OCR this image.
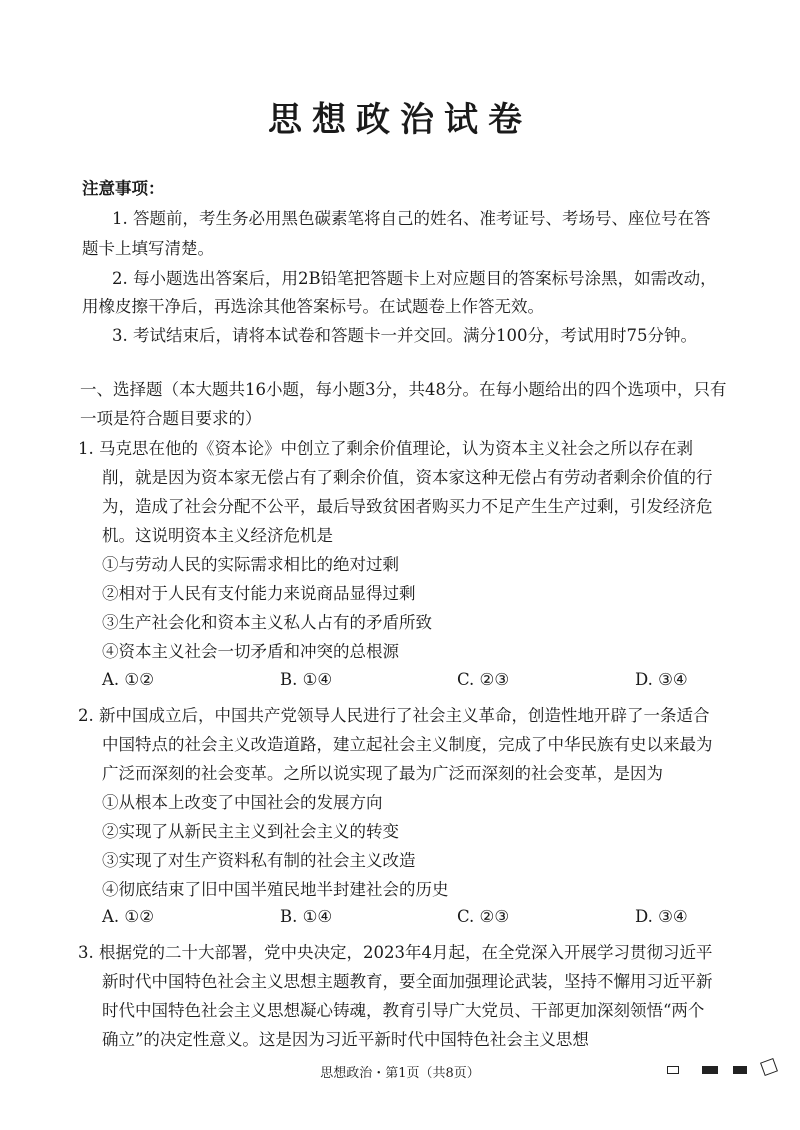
思想政治试卷
注意事项：
1. 答题前，考生务必用黑色碳素笔将自己的姓名、准考证号、考场号、座位号在答
题卡上填写清楚。
2. 每小题选出答案后，用2B铅笔把答题卡上对应题目的答案标号涂黑，如需改动，
用橡皮擦干净后，再选涂其他答案标号。在试题卷上作答无效。
3. 考试结束后，请将本试卷和答题卡一并交回。满分100分，考试用时75分钟。
一、选择题（本大题共16小题，每小题3分，共48分。在每小题给出的四个选项中，只有
一项是符合题目要求的）
1. 马克思在他的《资本论》中创立了剩余价值理论，认为资本主义社会之所以存在剥
削，就是因为资本家无偿占有了剩余价值，资本家这种无偿占有劳动者剩余价值的行
为，造成了社会分配不公平，最后导致贫困者购买力不足产生生产过剩，引发经济危
机。这说明资本主义经济危机是
①与劳动人民的实际需求相比的绝对过剩
②相对于人民有支付能力来说商品显得过剩
③生产社会化和资本主义私人占有的矛盾所致
④资本主义社会一切矛盾和冲突的总根源
A. ①②	B. ①④	C. ②③	D. ③④
2. 新中国成立后，中国共产党领导人民进行了社会主义革命，创造性地开辟了一条适合
中国特点的社会主义改造道路，建立起社会主义制度，完成了中华民族有史以来最为
广泛而深刻的社会变革。之所以说实现了最为广泛而深刻的社会变革，是因为
①从根本上改变了中国社会的发展方向
②实现了从新民主主义到社会主义的转变
③实现了对生产资料私有制的社会主义改造
④彻底结束了旧中国半殖民地半封建社会的历史
A. ①②	B. ①④	C. ②③	D. ③④
3. 根据党的二十大部署，党中央决定，2023年4月起，在全党深入开展学习贯彻习近平
新时代中国特色社会主义思想主题教育，要全面加强理论武装，坚持不懈用习近平新
时代中国特色社会主义思想凝心铸魂，教育引导广大党员、干部更加深刻领悟“两个
确立”的决定性意义。这是因为习近平新时代中国特色社会主义思想
思想政治・第1页（共8页）
